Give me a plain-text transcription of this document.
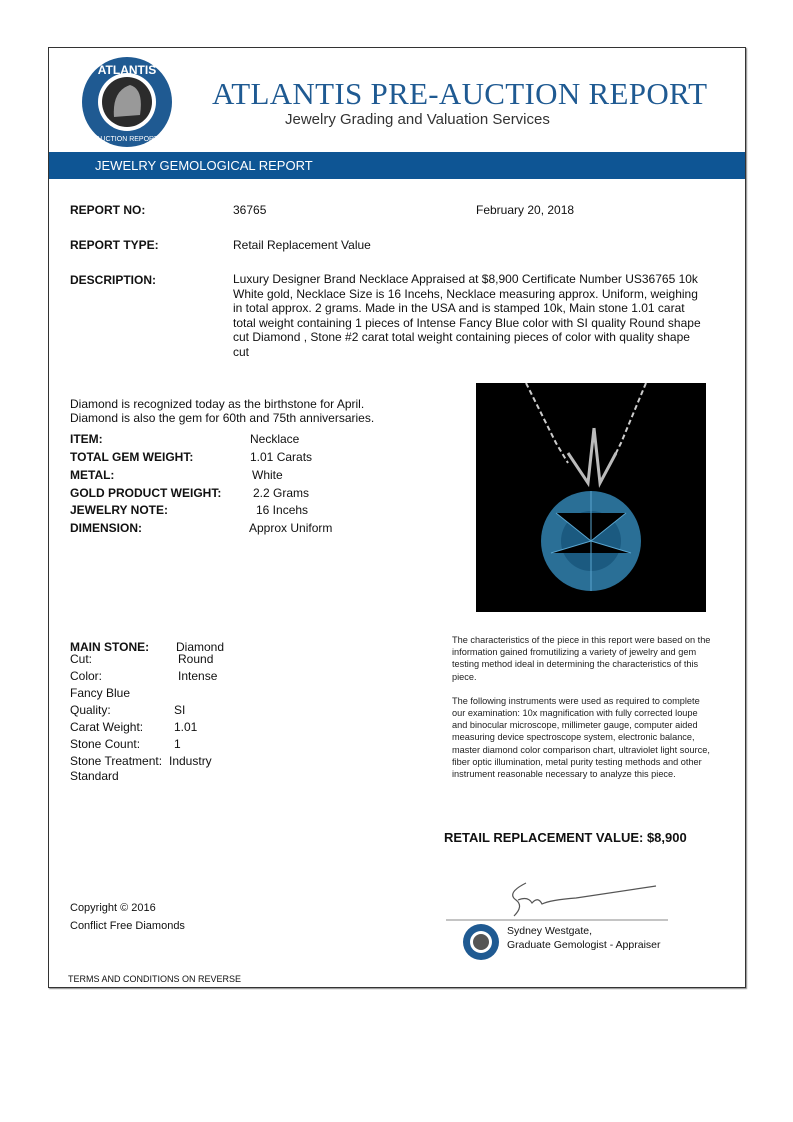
ATLANTIS
AUCTION REPORT
ATLANTIS PRE-AUCTION REPORT
Jewelry Grading and Valuation Services
JEWELRY GEMOLOGICAL REPORT
REPORT NO:	36765	February 20, 2018
REPORT TYPE:	Retail Replacement Value
DESCRIPTION:	Luxury Designer Brand Necklace Appraised at $8,900 Certificate Number US36765 10k White gold, Necklace Size is 16 Incehs, Necklace measuring approx. Uniform, weighing in total approx. 2 grams. Made in the USA and is stamped 10k, Main stone 1.01 carat total weight containing 1 pieces of Intense Fancy Blue color with SI quality Round shape cut Diamond , Stone #2 carat total weight containing pieces of color with quality shape cut
Diamond is recognized today as the birthstone for April.
Diamond is also the gem for 60th and 75th anniversaries.
ITEM:	Necklace
TOTAL GEM WEIGHT:	1.01 Carats
METAL:	White
GOLD PRODUCT WEIGHT:	2.2 Grams
JEWELRY NOTE:	16 Incehs
DIMENSION:	Approx Uniform
MAIN STONE: Diamond
Cut:	Round
Color:	Intense
Fancy Blue
Quality:	SI
Carat Weight:	1.01
Stone Count:	1
Stone Treatment: Industry
Standard
The characteristics of the piece in this report were based on the information gained fromutilizing a variety of jewelry and gem testing method ideal in determining the characteristics of this piece.
The following instruments were used as required to complete our examination: 10x magnification with fully corrected loupe and binocular microscope, millimeter gauge, computer aided measuring device spectroscope system, electronic balance, master diamond color comparison chart, ultraviolet light source, fiber optic illumination, metal purity testing methods and other instrument reasonable necessary to analyze this piece.
RETAIL REPLACEMENT VALUE: $8,900
Sydney Westgate,
Graduate Gemologist - Appraiser
Copyright © 2016
Conflict Free Diamonds
TERMS AND CONDITIONS ON REVERSE
